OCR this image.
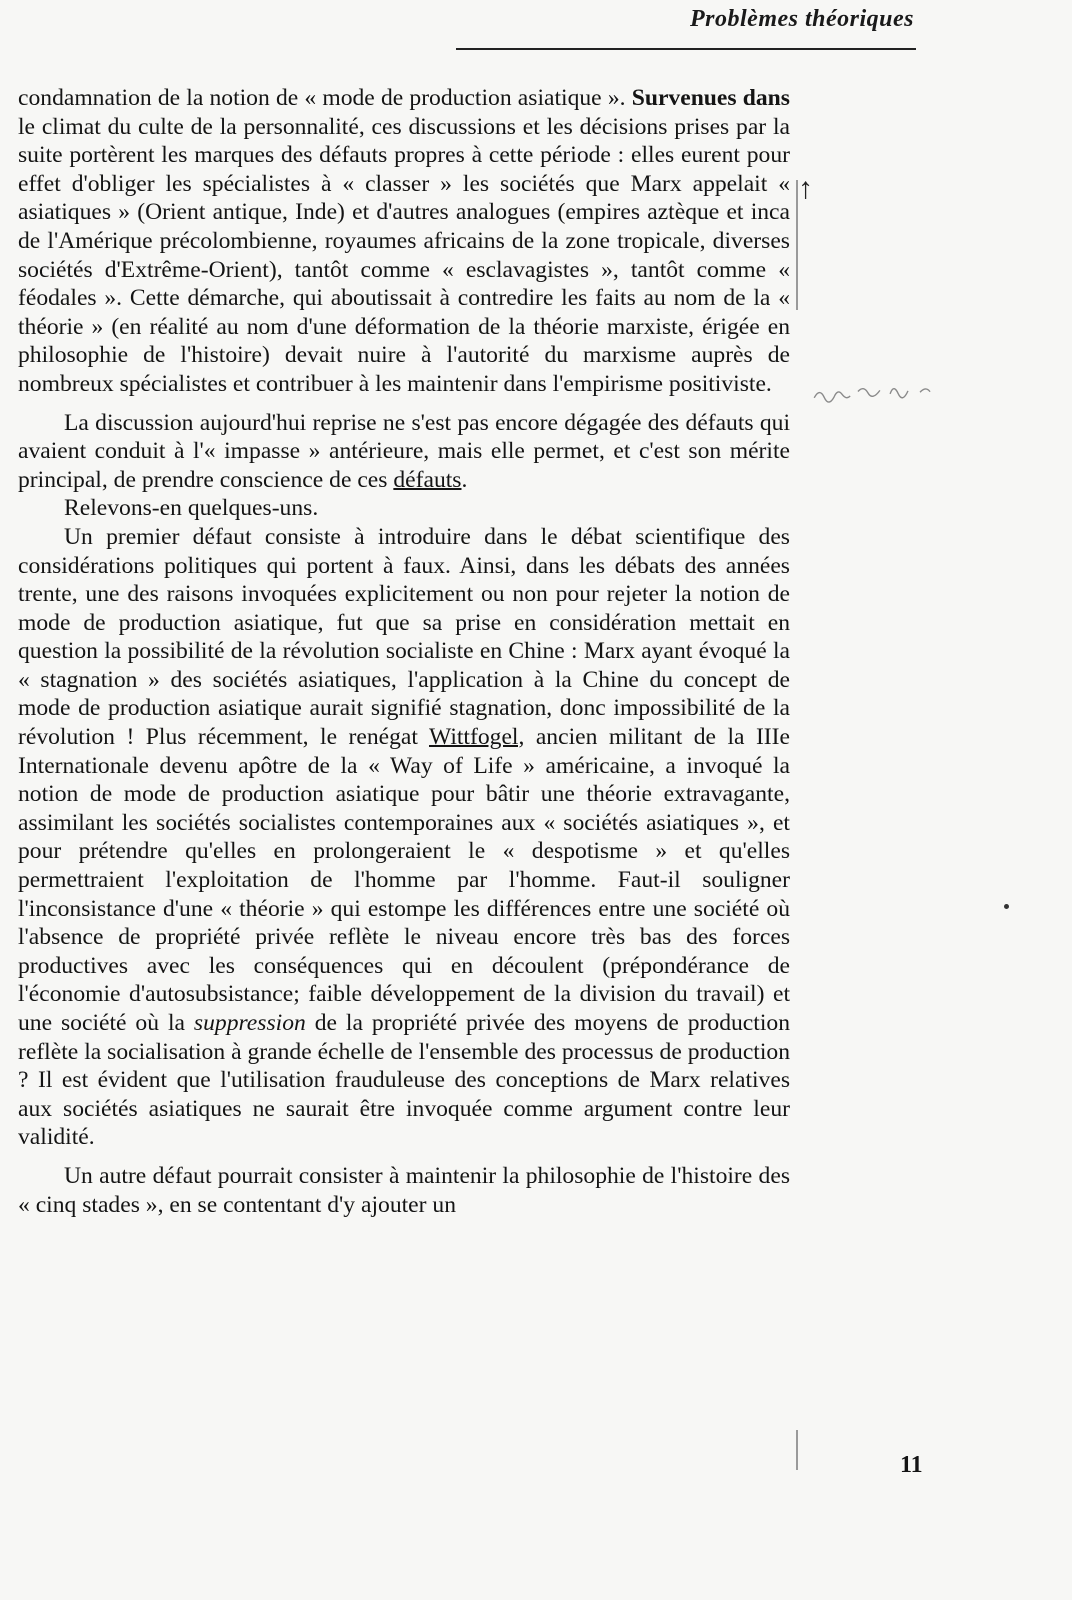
Problèmes théoriques

condamnation de la notion de « mode de production asiatique ». Survenues dans le climat du culte de la personnalité, ces discussions et les décisions prises par la suite portèrent les marques des défauts propres à cette période : elles eurent pour effet d'obliger les spécialistes à « classer » les sociétés que Marx appelait « asiatiques » (Orient antique, Inde) et d'autres analogues (empires aztèque et inca de l'Amérique précolombienne, royaumes africains de la zone tropicale, diverses sociétés d'Extrême-Orient), tantôt comme « esclavagistes », tantôt comme « féodales ». Cette démarche, qui aboutissait à contredire les faits au nom de la « théorie » (en réalité au nom d'une déformation de la théorie marxiste, érigée en philosophie de l'histoire) devait nuire à l'autorité du marxisme auprès de nombreux spécialistes et contribuer à les maintenir dans l'empirisme positiviste.

La discussion aujourd'hui reprise ne s'est pas encore dégagée des défauts qui avaient conduit à l'« impasse » antérieure, mais elle permet, et c'est son mérite principal, de prendre conscience de ces défauts.

Relevons-en quelques-uns.

Un premier défaut consiste à introduire dans le débat scientifique des considérations politiques qui portent à faux. Ainsi, dans les débats des années trente, une des raisons invoquées explicitement ou non pour rejeter la notion de mode de production asiatique, fut que sa prise en considération mettait en question la possibilité de la révolution socialiste en Chine : Marx ayant évoqué la « stagnation » des sociétés asiatiques, l'application à la Chine du concept de mode de production asiatique aurait signifié stagnation, donc impossibilité de la révolution ! Plus récemment, le renégat Wittfogel, ancien militant de la IIIe Internationale devenu apôtre de la « Way of Life » américaine, a invoqué la notion de mode de production asiatique pour bâtir une théorie extravagante, assimilant les sociétés socialistes contemporaines aux « sociétés asiatiques », et pour prétendre qu'elles en prolongeraient le « despotisme » et qu'elles permettraient l'exploitation de l'homme par l'homme. Faut-il souligner l'inconsistance d'une « théorie » qui estompe les différences entre une société où l'absence de propriété privée reflète le niveau encore très bas des forces productives avec les conséquences qui en découlent (prépondérance de l'économie d'autosubsistance; faible développement de la division du travail) et une société où la suppression de la propriété privée des moyens de production reflète la socialisation à grande échelle de l'ensemble des processus de production ? Il est évident que l'utilisation frauduleuse des conceptions de Marx relatives aux sociétés asiatiques ne saurait être invoquée comme argument contre leur validité.

Un autre défaut pourrait consister à maintenir la philosophie de l'histoire des « cinq stades », en se contentant d'y ajouter un

11
↑
